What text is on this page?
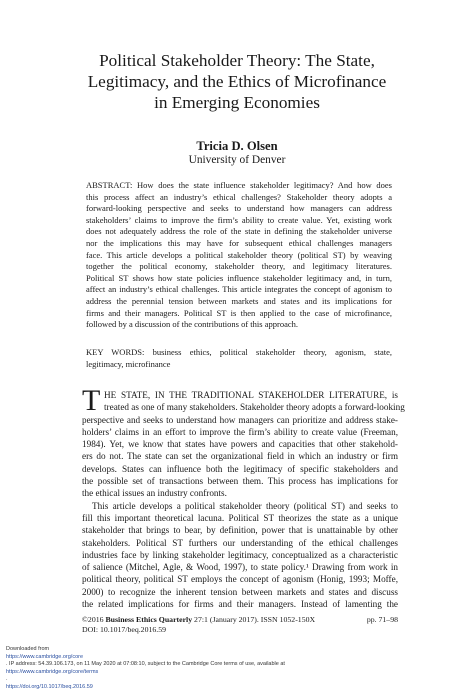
Political Stakeholder Theory: The State,
Legitimacy, and the Ethics of Microfinance
in Emerging Economies
Tricia D. Olsen
University of Denver
ABSTRACT: How does the state influence stakeholder legitimacy? And how does
this process affect an industry’s ethical challenges? Stakeholder theory adopts a
forward-looking perspective and seeks to understand how managers can address
stakeholders’ claims to improve the firm’s ability to create value. Yet, existing work
does not adequately address the role of the state in defining the stakeholder universe
nor the implications this may have for subsequent ethical challenges managers
face. This article develops a political stakeholder theory (political ST) by weaving
together the political economy, stakeholder theory, and legitimacy literatures.
Political ST shows how state policies influence stakeholder legitimacy and, in turn,
affect an industry’s ethical challenges. This article integrates the concept of agonism to
address the perennial tension between markets and states and its implications for
firms and their managers. Political ST is then applied to the case of microfinance,
followed by a discussion of the contributions of this approach.
KEY WORDS: business ethics, political stakeholder theory, agonism, state,
legitimacy, microfinance
T HE STATE, IN THE TRADITIONAL STAKEHOLDER LITERATURE, is
treated as one of many stakeholders. Stakeholder theory adopts a forward-looking
perspective and seeks to understand how managers can prioritize and address stake-
holders’ claims in an effort to improve the firm’s ability to create value (Freeman,
1984). Yet, we know that states have powers and capacities that other stakehold-
ers do not. The state can set the organizational field in which an industry or firm
develops. States can influence both the legitimacy of specific stakeholders and
the possible set of transactions between them. This process has implications for
the ethical issues an industry confronts.
This article develops a political stakeholder theory (political ST) and seeks to
fill this important theoretical lacuna. Political ST theorizes the state as a unique
stakeholder that brings to bear, by definition, power that is unattainable by other
stakeholders. Political ST furthers our understanding of the ethical challenges
industries face by linking stakeholder legitimacy, conceptualized as a characteristic
of salience (Mitchel, Agle, & Wood, 1997), to state policy.¹ Drawing from work in
political theory, political ST employs the concept of agonism (Honig, 1993; Moffe,
2000) to recognize the inherent tension between markets and states and discuss
the related implications for firms and their managers. Instead of lamenting the
©2016 Business Ethics Quarterly 27:1 (January 2017). ISSN 1052-150X	pp. 71–98
DOI: 10.1017/beq.2016.59
Downloaded from
https://www.cambridge.org/core
. IP address: 54.39.106.173, on 11 May 2020 at 07:08:10, subject to the Cambridge Core terms of use, available at
https://www.cambridge.org/core/terms
.
https://doi.org/10.1017/beq.2016.59
